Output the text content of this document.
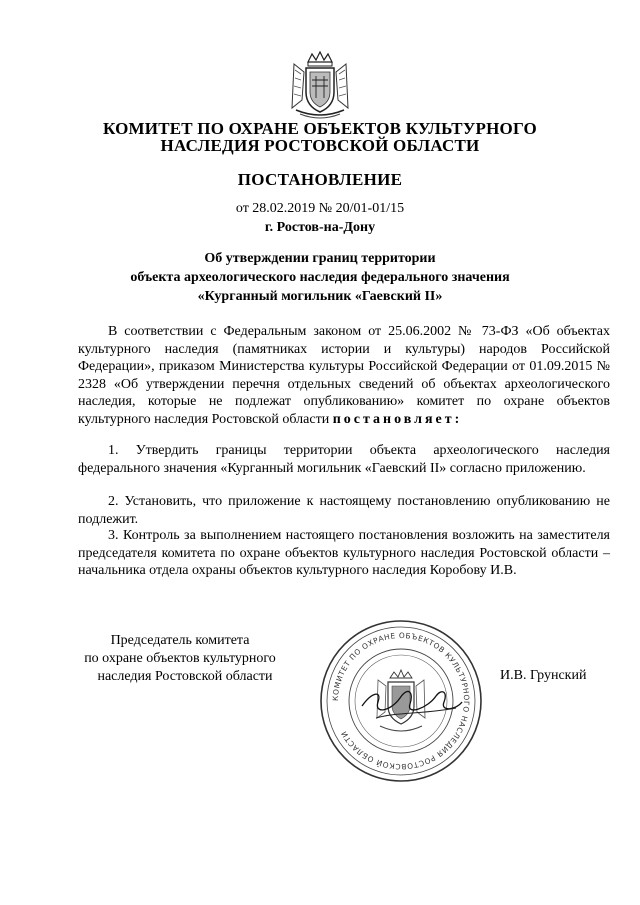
КОМИТЕТ ПО ОХРАНЕ ОБЪЕКТОВ КУЛЬТУРНОГО
НАСЛЕДИЯ РОСТОВСКОЙ ОБЛАСТИ
ПОСТАНОВЛЕНИЕ
от 28.02.2019 № 20/01-01/15
г. Ростов-на-Дону
Об утверждении границ территории
объекта археологического наследия федерального значения
«Курганный могильник «Гаевский II»
В соответствии с Федеральным законом от 25.06.2002 № 73-ФЗ «Об объектах культурного наследия (памятниках истории и культуры) народов Российской Федерации», приказом Министерства культуры Российской Федерации от 01.09.2015 № 2328 «Об утверждении перечня отдельных сведений об объектах археологического наследия, которые не подлежат опубликованию» комитет по охране объектов культурного наследия Ростовской области постановляет:
1. Утвердить границы территории объекта археологического наследия федерального значения «Курганный могильник «Гаевский II» согласно приложению.
2. Установить, что приложение к настоящему постановлению опубликованию не подлежит.
3. Контроль за выполнением настоящего постановления возложить на заместителя председателя комитета по охране объектов культурного наследия Ростовской области – начальника отдела охраны объектов культурного наследия Коробову И.В.
Председатель комитета
по охране объектов культурного
наследия Ростовской области
КОМИТЕТ ПО ОХРАНЕ ОБЪЕКТОВ КУЛЬТУРНОГО НАСЛЕДИЯ РОСТОВСКОЙ ОБЛАСТИ
И.В. Грунский
